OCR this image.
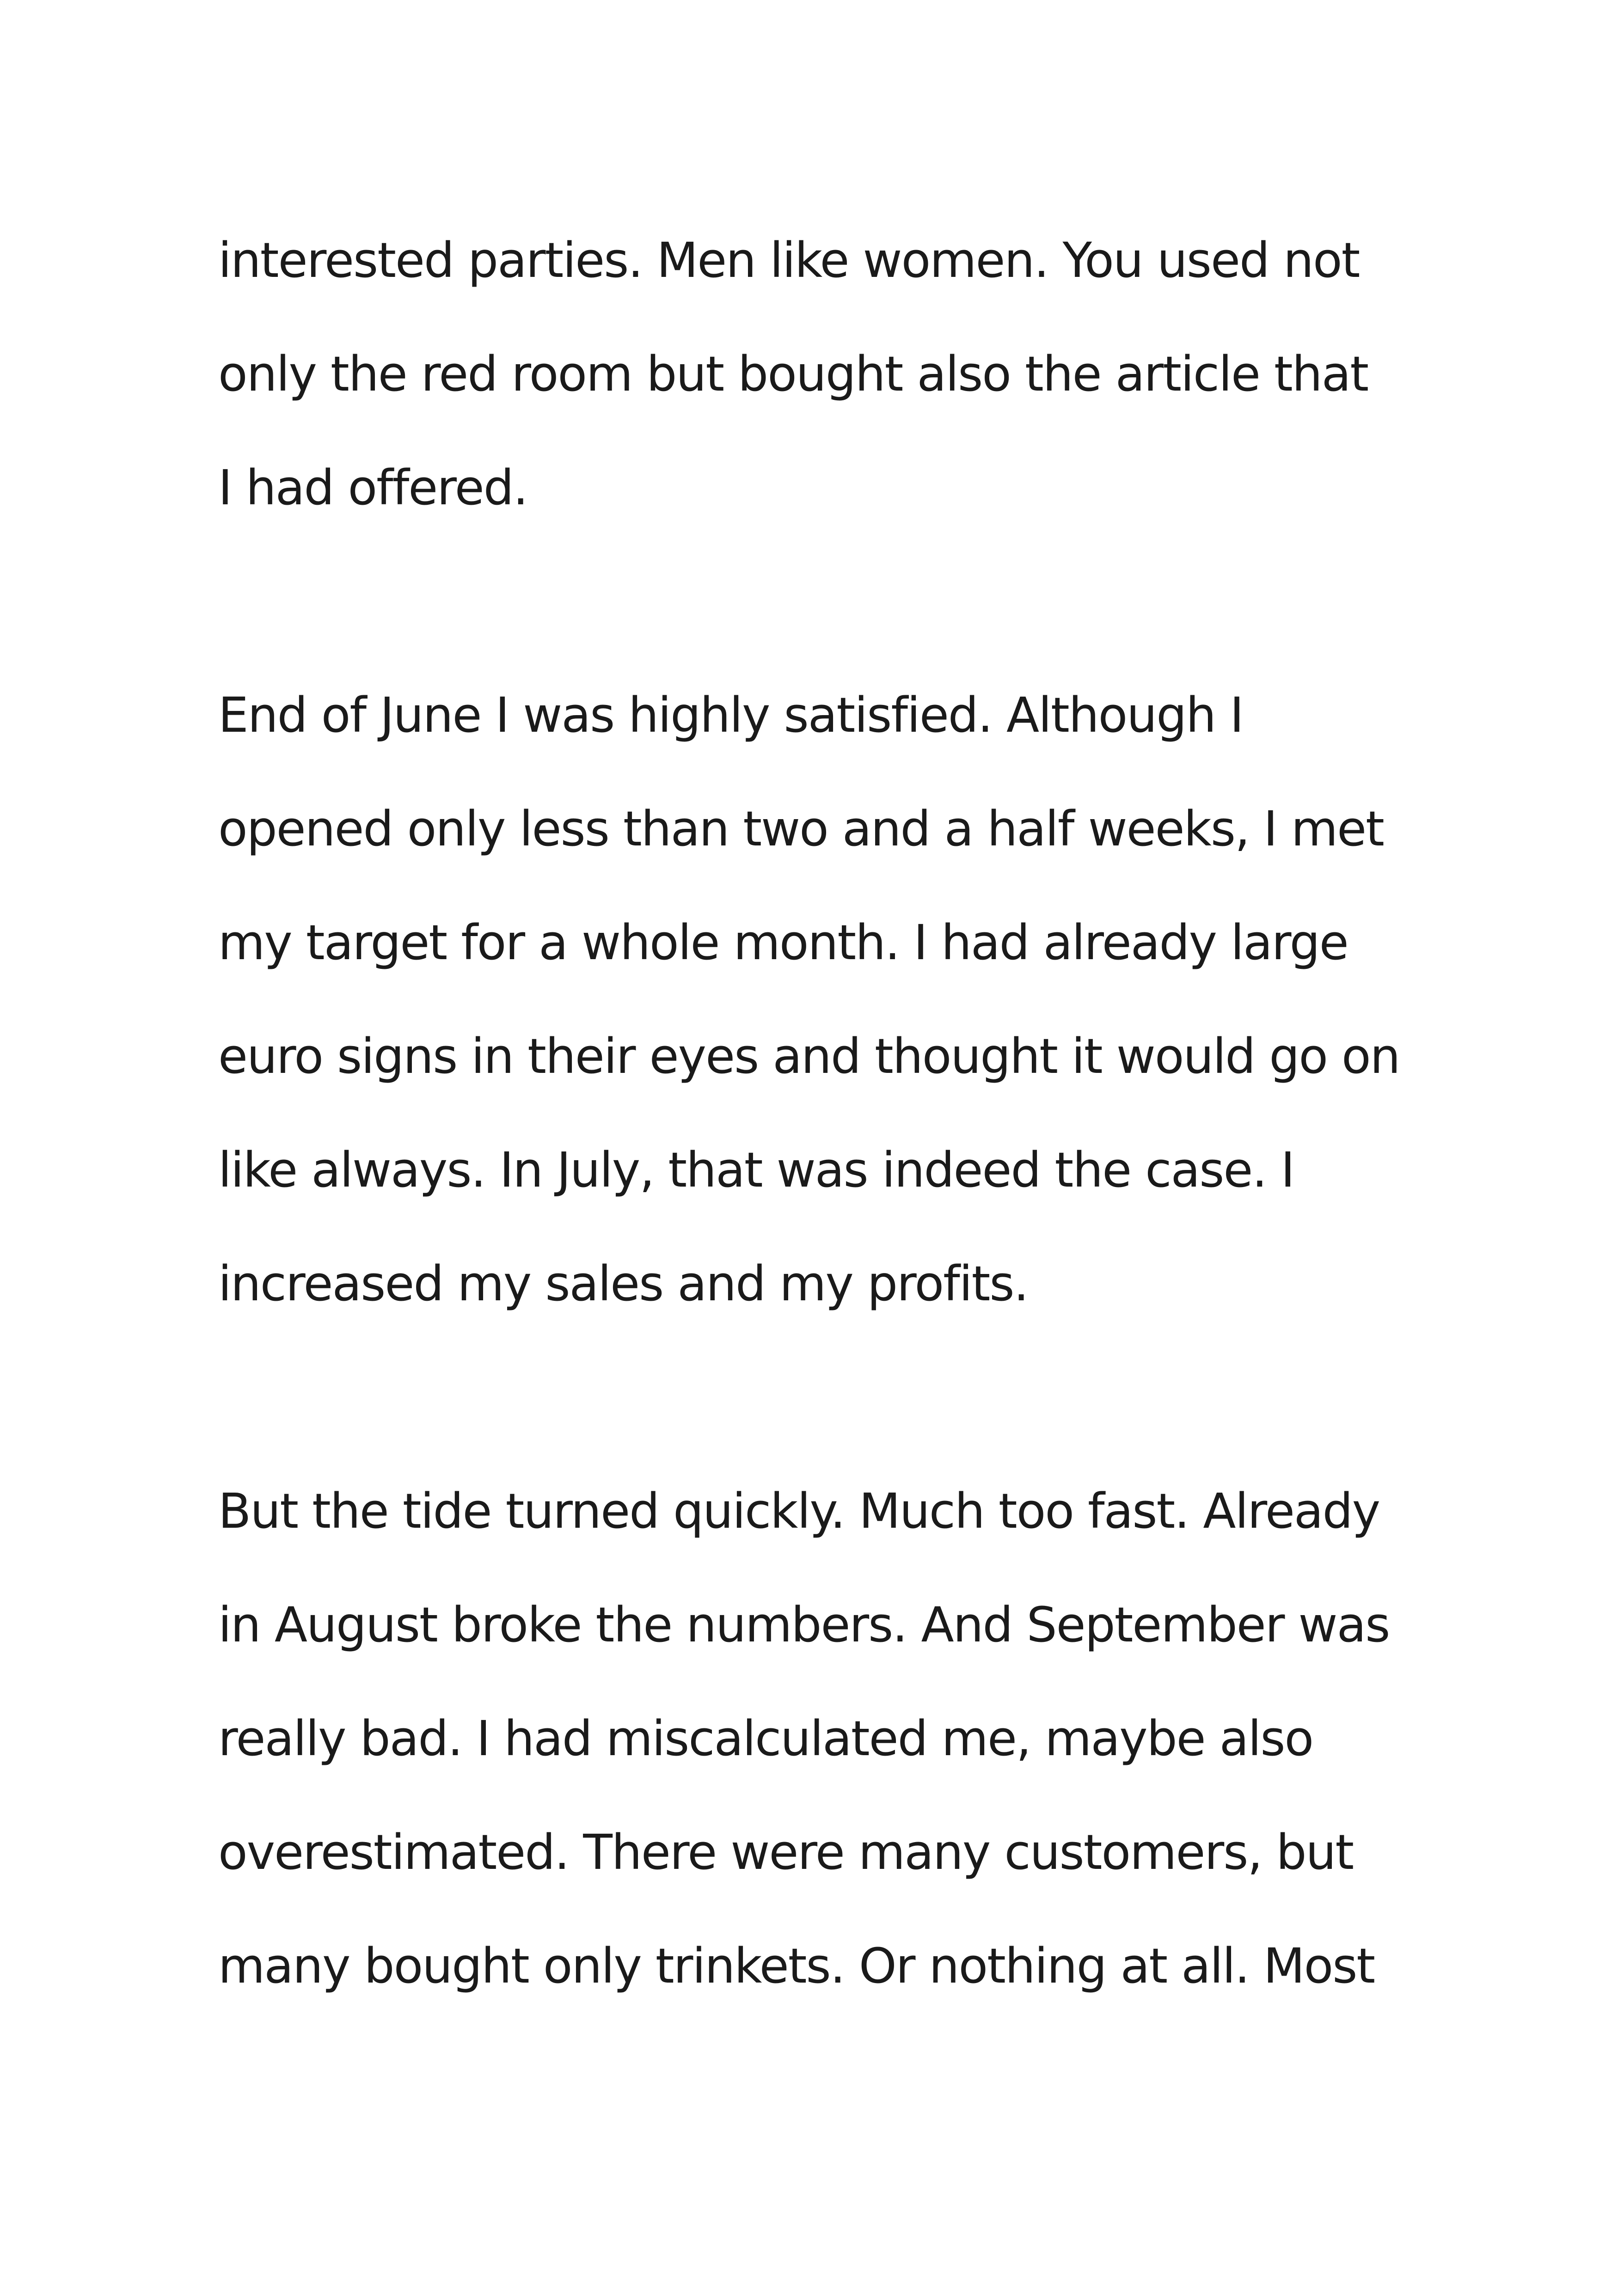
interested parties. Men like women. You used not
only the red room but bought also the article that
I had offered.
End of June I was highly satisfied. Although I
opened only less than two and a half weeks, I met
my target for a whole month. I had already large
euro signs in their eyes and thought it would go on
like always. In July, that was indeed the case. I
increased my sales and my profits.
But the tide turned quickly. Much too fast. Already
in August broke the numbers. And September was
really bad. I had miscalculated me, maybe also
overestimated. There were many customers, but
many bought only trinkets. Or nothing at all. Most
